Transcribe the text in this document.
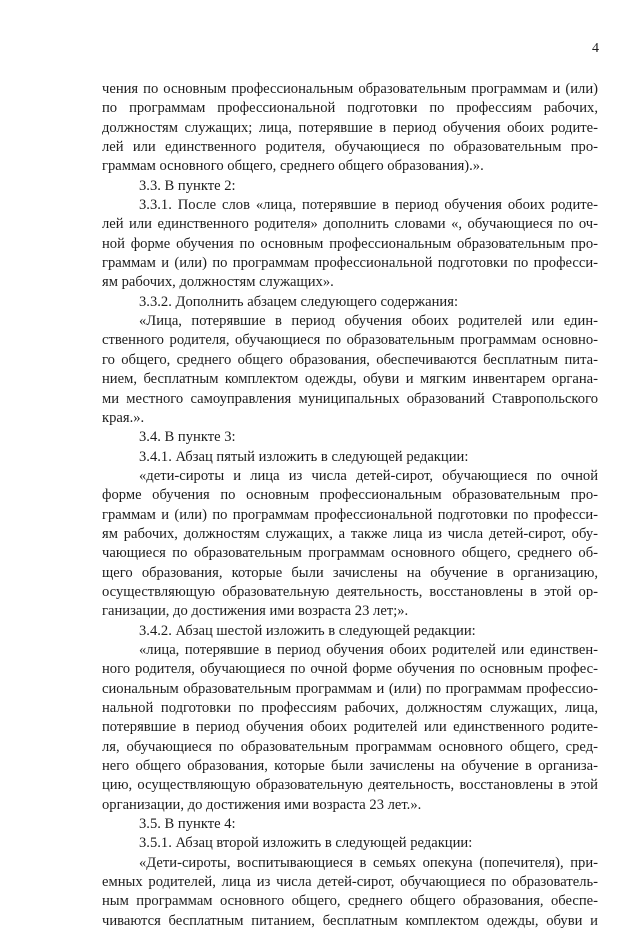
4

чения по основным профессиональным образовательным программам и (или)

по программам профессиональной подготовки по профессиям рабочих,

должностям служащих; лица, потерявшие в период обучения обоих родите-

лей или единственного родителя, обучающиеся по образовательным про-

граммам основного общего, среднего общего образования).».

3.3. В пункте 2:

3.3.1. После слов «лица, потерявшие в период обучения обоих родите-

лей или единственного родителя» дополнить словами «, обучающиеся по оч-

ной форме обучения по основным профессиональным образовательным про-

граммам и (или) по программам профессиональной подготовки по професси-

ям рабочих, должностям служащих».

3.3.2. Дополнить абзацем следующего содержания:

«Лица, потерявшие в период обучения обоих родителей или един-

ственного родителя, обучающиеся по образовательным программам основно-

го общего, среднего общего образования, обеспечиваются бесплатным пита-

нием, бесплатным комплектом одежды, обуви и мягким инвентарем органа-

ми местного самоуправления муниципальных образований Ставропольского

края.».

3.4. В пункте 3:

3.4.1. Абзац пятый изложить в следующей редакции:

«дети-сироты и лица из числа детей-сирот, обучающиеся по очной

форме обучения по основным профессиональным образовательным про-

граммам и (или) по программам профессиональной подготовки по професси-

ям рабочих, должностям служащих, а также лица из числа детей-сирот, обу-

чающиеся по образовательным программам основного общего, среднего об-

щего образования, которые были зачислены на обучение в организацию,

осуществляющую образовательную деятельность, восстановлены в этой ор-

ганизации, до достижения ими возраста 23 лет;».

3.4.2. Абзац шестой изложить в следующей редакции:

«лица, потерявшие в период обучения обоих родителей или единствен-

ного родителя, обучающиеся по очной форме обучения по основным профес-

сиональным образовательным программам и (или) по программам профессио-

нальной подготовки по профессиям рабочих, должностям служащих, лица,

потерявшие в период обучения обоих родителей или единственного родите-

ля, обучающиеся по образовательным программам основного общего, сред-

него общего образования, которые были зачислены на обучение в организа-

цию, осуществляющую образовательную деятельность, восстановлены в этой

организации, до достижения ими возраста 23 лет.».

3.5. В пункте 4:

3.5.1. Абзац второй изложить в следующей редакции:

«Дети-сироты, воспитывающиеся в семьях опекуна (попечителя), при-

емных родителей, лица из числа детей-сирот, обучающиеся по образователь-

ным программам основного общего, среднего общего образования, обеспе-

чиваются бесплатным питанием, бесплатным комплектом одежды, обуви и
